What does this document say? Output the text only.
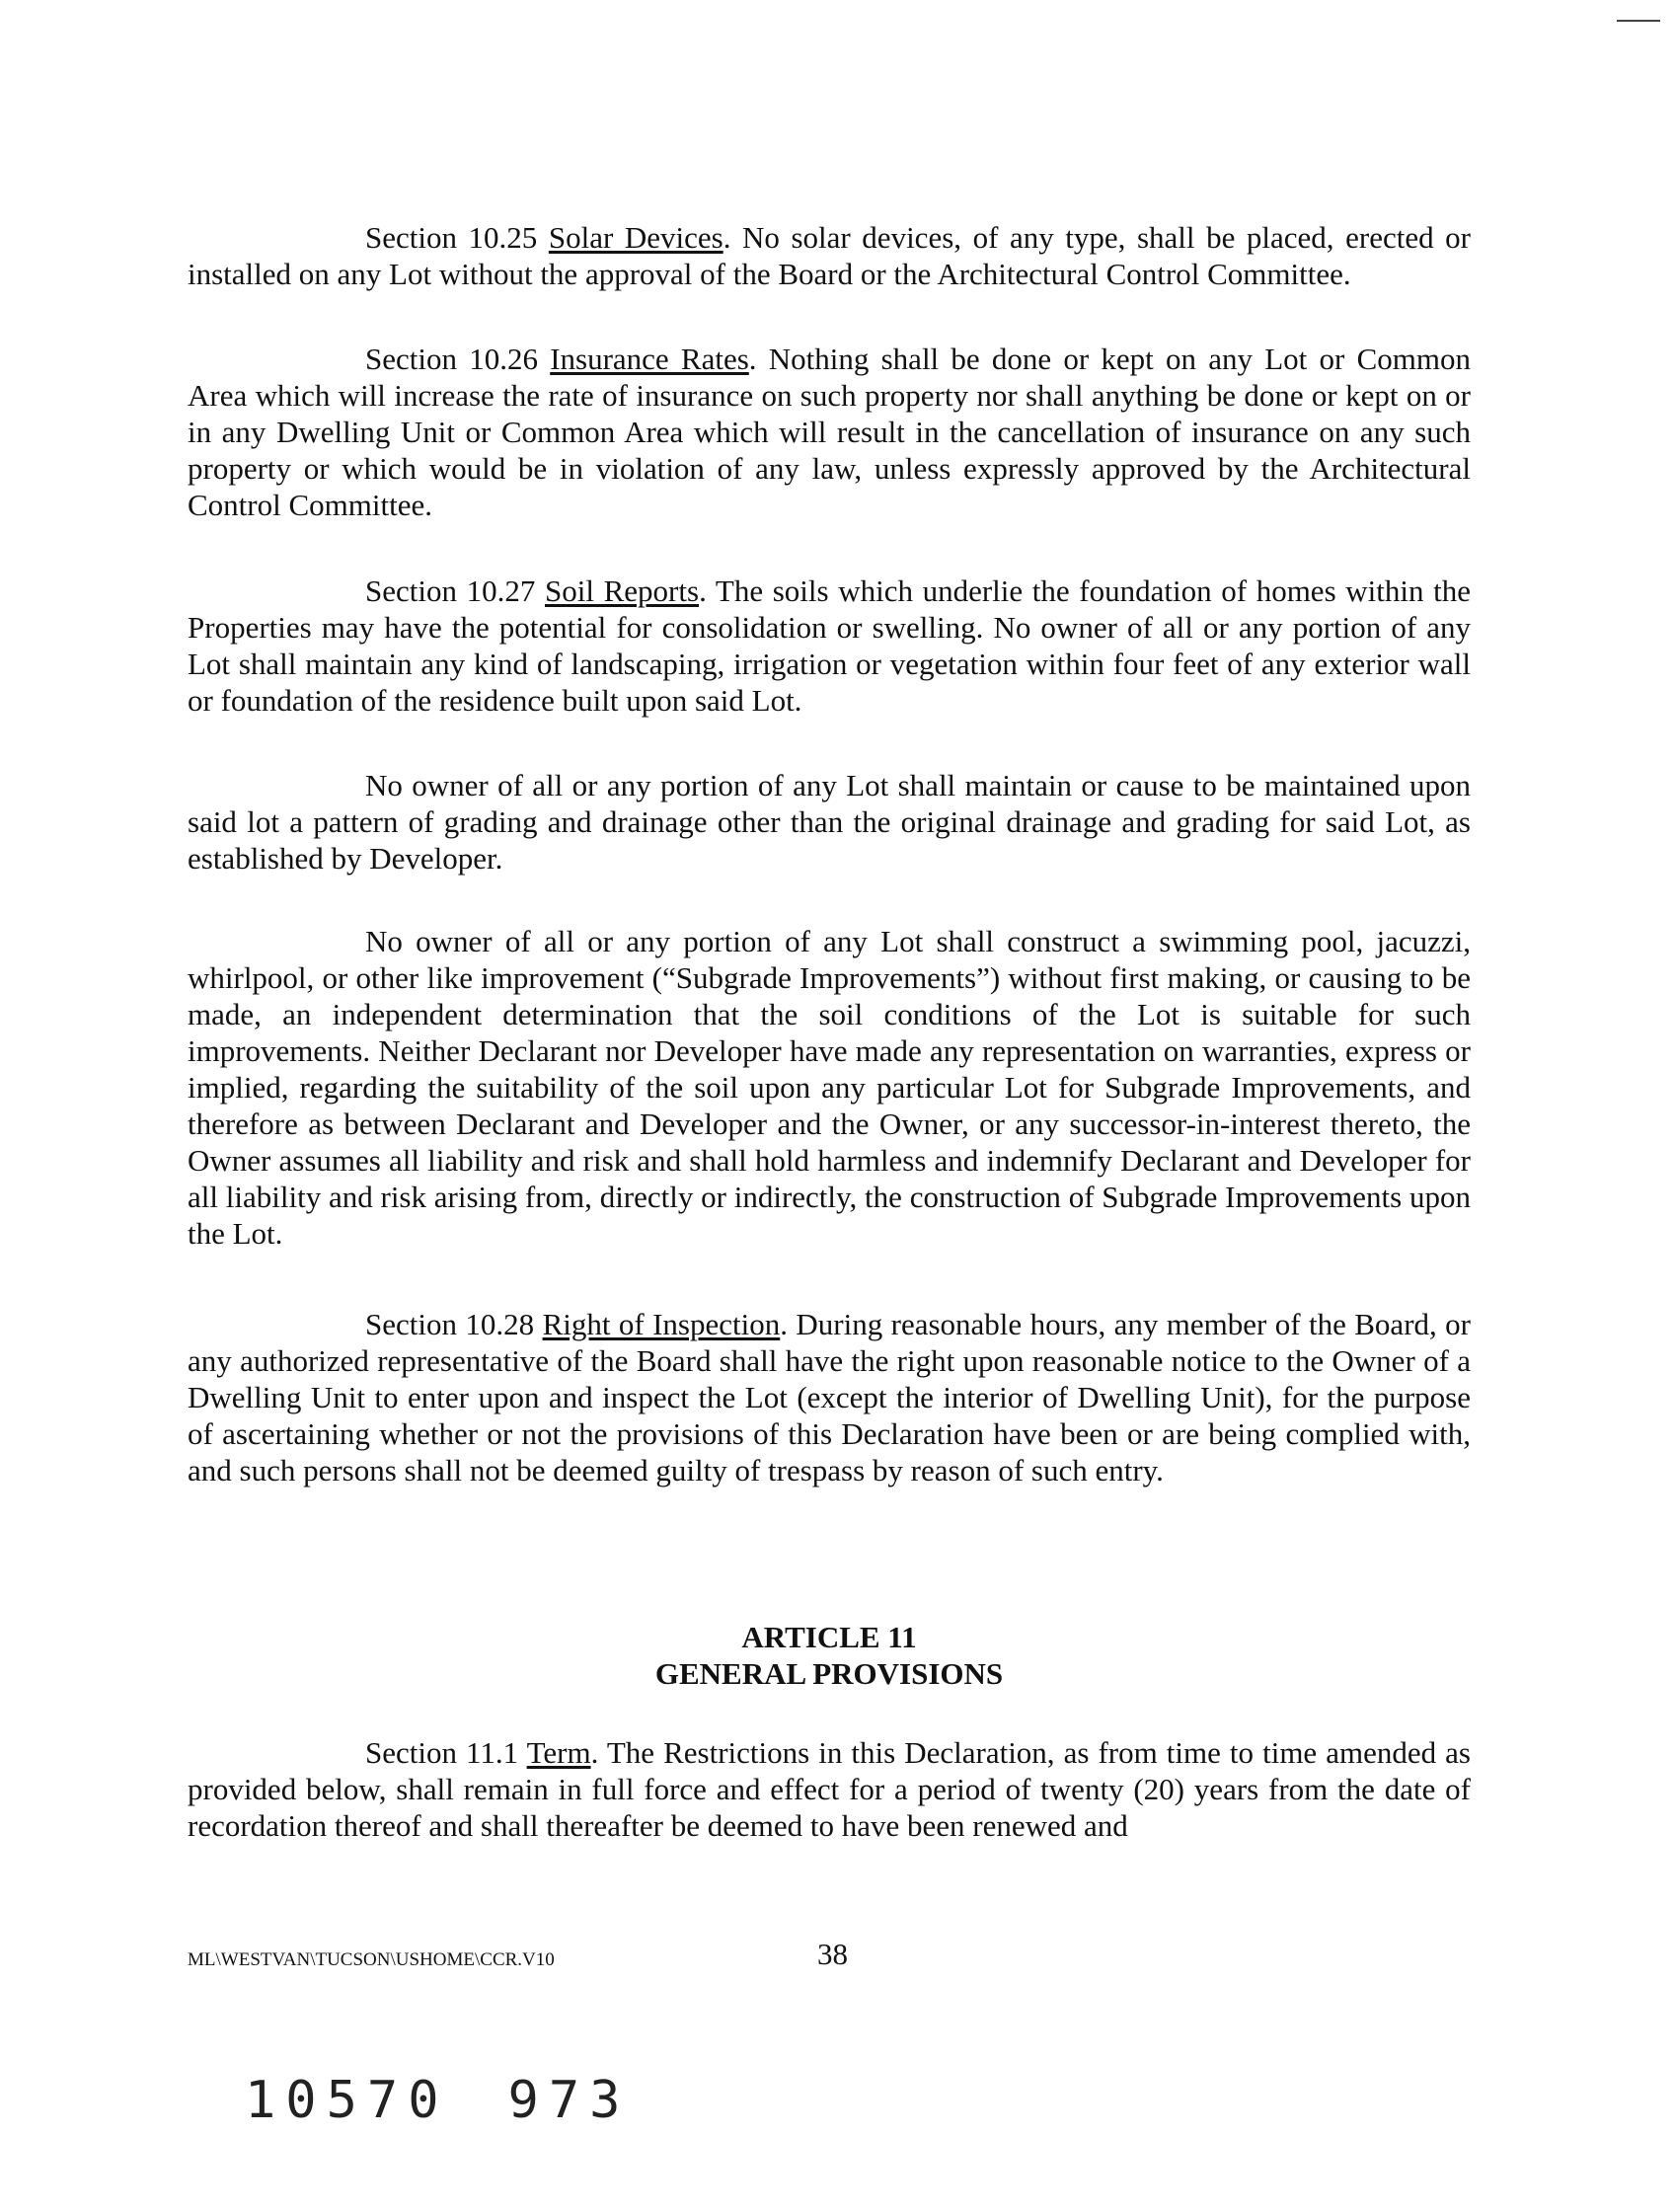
Section 10.25 Solar Devices. No solar devices, of any type, shall be placed, erected or installed on any Lot without the approval of the Board or the Architectural Control Committee.

Section 10.26 Insurance Rates. Nothing shall be done or kept on any Lot or Common Area which will increase the rate of insurance on such property nor shall anything be done or kept on or in any Dwelling Unit or Common Area which will result in the cancellation of insurance on any such property or which would be in violation of any law, unless expressly approved by the Architectural Control Committee.

Section 10.27 Soil Reports. The soils which underlie the foundation of homes within the Properties may have the potential for consolidation or swelling. No owner of all or any portion of any Lot shall maintain any kind of landscaping, irrigation or vegetation within four feet of any exterior wall or foundation of the residence built upon said Lot.

No owner of all or any portion of any Lot shall maintain or cause to be maintained upon said lot a pattern of grading and drainage other than the original drainage and grading for said Lot, as established by Developer.

No owner of all or any portion of any Lot shall construct a swimming pool, jacuzzi, whirlpool, or other like improvement (“Subgrade Improvements”) without first making, or causing to be made, an independent determination that the soil conditions of the Lot is suitable for such improvements. Neither Declarant nor Developer have made any representation on warranties, express or implied, regarding the suitability of the soil upon any particular Lot for Subgrade Improvements, and therefore as between Declarant and Developer and the Owner, or any successor-in-interest thereto, the Owner assumes all liability and risk and shall hold harmless and indemnify Declarant and Developer for all liability and risk arising from, directly or indirectly, the construction of Subgrade Improvements upon the Lot.

Section 10.28 Right of Inspection. During reasonable hours, any member of the Board, or any authorized representative of the Board shall have the right upon reasonable notice to the Owner of a Dwelling Unit to enter upon and inspect the Lot (except the interior of Dwelling Unit), for the purpose of ascertaining whether or not the provisions of this Declaration have been or are being complied with, and such persons shall not be deemed guilty of trespass by reason of such entry.

ARTICLE 11
GENERAL PROVISIONS

Section 11.1 Term. The Restrictions in this Declaration, as from time to time amended as provided below, shall remain in full force and effect for a period of twenty (20) years from the date of recordation thereof and shall thereafter be deemed to have been renewed and

ML\WESTVAN\TUCSON\USHOME\CCR.V10	38
10570 973
